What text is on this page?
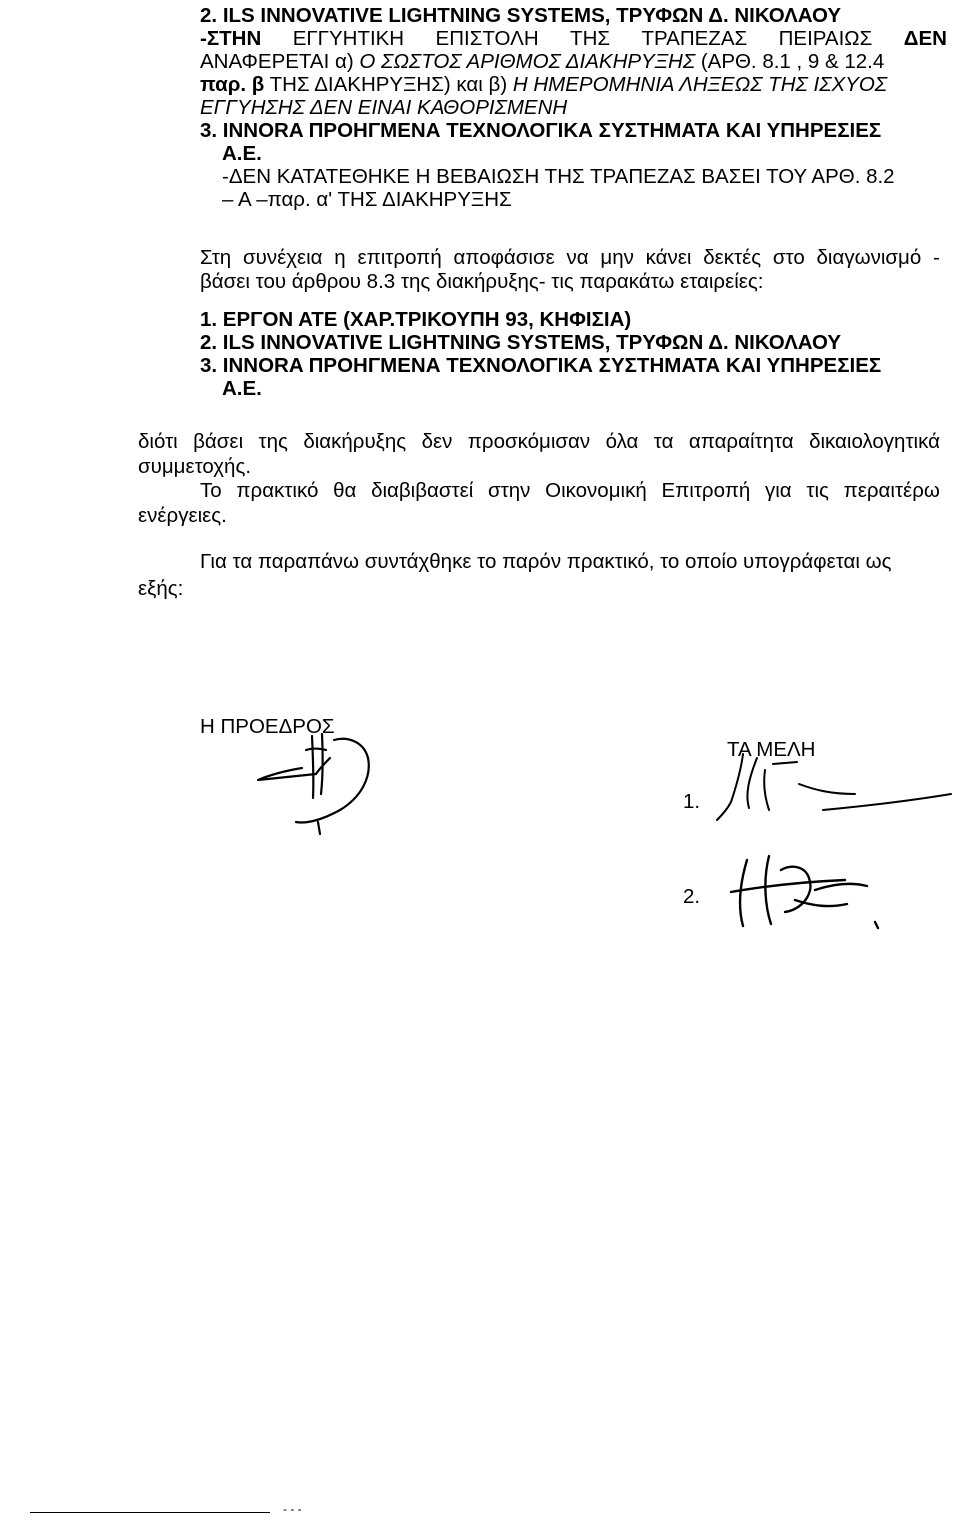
2. ILS INNOVATIVE LIGHTNING SYSTEMS, ΤΡΥΦΩΝ Δ. ΝΙΚΟΛΑΟΥ
-ΣΤΗΝ ΕΓΓΥΗΤΙΚΗ ΕΠΙΣΤΟΛΗ ΤΗΣ ΤΡΑΠΕΖΑΣ ΠΕΙΡΑΙΩΣ ΔΕΝ
ΑΝΑΦΕΡΕΤΑΙ α) Ο ΣΩΣΤΟΣ ΑΡΙΘΜΟΣ ΔΙΑΚΗΡΥΞΗΣ (ΑΡΘ. 8.1 , 9 & 12.4
παρ. β ΤΗΣ ΔΙΑΚΗΡΥΞΗΣ) και β) Η ΗΜΕΡΟΜΗΝΙΑ ΛΗΞΕΩΣ ΤΗΣ ΙΣΧΥΟΣ
ΕΓΓΥΗΣΗΣ ΔΕΝ ΕΙΝΑΙ ΚΑΘΟΡΙΣΜΕΝΗ
3. INNORA ΠΡΟΗΓΜΕΝΑ ΤΕΧΝΟΛΟΓΙΚΑ ΣΥΣΤΗΜΑΤΑ ΚΑΙ ΥΠΗΡΕΣΙΕΣ
Α.Ε.
-ΔΕΝ ΚΑΤΑΤΕΘΗΚΕ Η ΒΕΒΑΙΩΣΗ ΤΗΣ ΤΡΑΠΕΖΑΣ ΒΑΣΕΙ ΤΟΥ ΑΡΘ. 8.2
– Α –παρ. α' ΤΗΣ ΔΙΑΚΗΡΥΞΗΣ
Στη συνέχεια η επιτροπή αποφάσισε να μην κάνει δεκτές στο διαγωνισμό -
βάσει του άρθρου 8.3 της διακήρυξης- τις παρακάτω εταιρείες:
1. ΕΡΓΟΝ ΑΤΕ (ΧΑΡ.ΤΡΙΚΟΥΠΗ 93, ΚΗΦΙΣΙΑ)
2. ILS INNOVATIVE LIGHTNING SYSTEMS, ΤΡΥΦΩΝ Δ. ΝΙΚΟΛΑΟΥ
3. INNORA ΠΡΟΗΓΜΕΝΑ ΤΕΧΝΟΛΟΓΙΚΑ ΣΥΣΤΗΜΑΤΑ ΚΑΙ ΥΠΗΡΕΣΙΕΣ
Α.Ε.
διότι βάσει της διακήρυξης δεν προσκόμισαν όλα τα απαραίτητα δικαιολογητικά
συμμετοχής.
Το πρακτικό θα διαβιβαστεί στην Οικονομική Επιτροπή για τις περαιτέρω
ενέργειες.
Για τα παραπάνω συντάχθηκε το παρόν πρακτικό, το οποίο υπογράφεται ως
εξής:
Η ΠΡΟΕΔΡΟΣ
ΤΑ ΜΕΛΗ
1.
2.
- - -
